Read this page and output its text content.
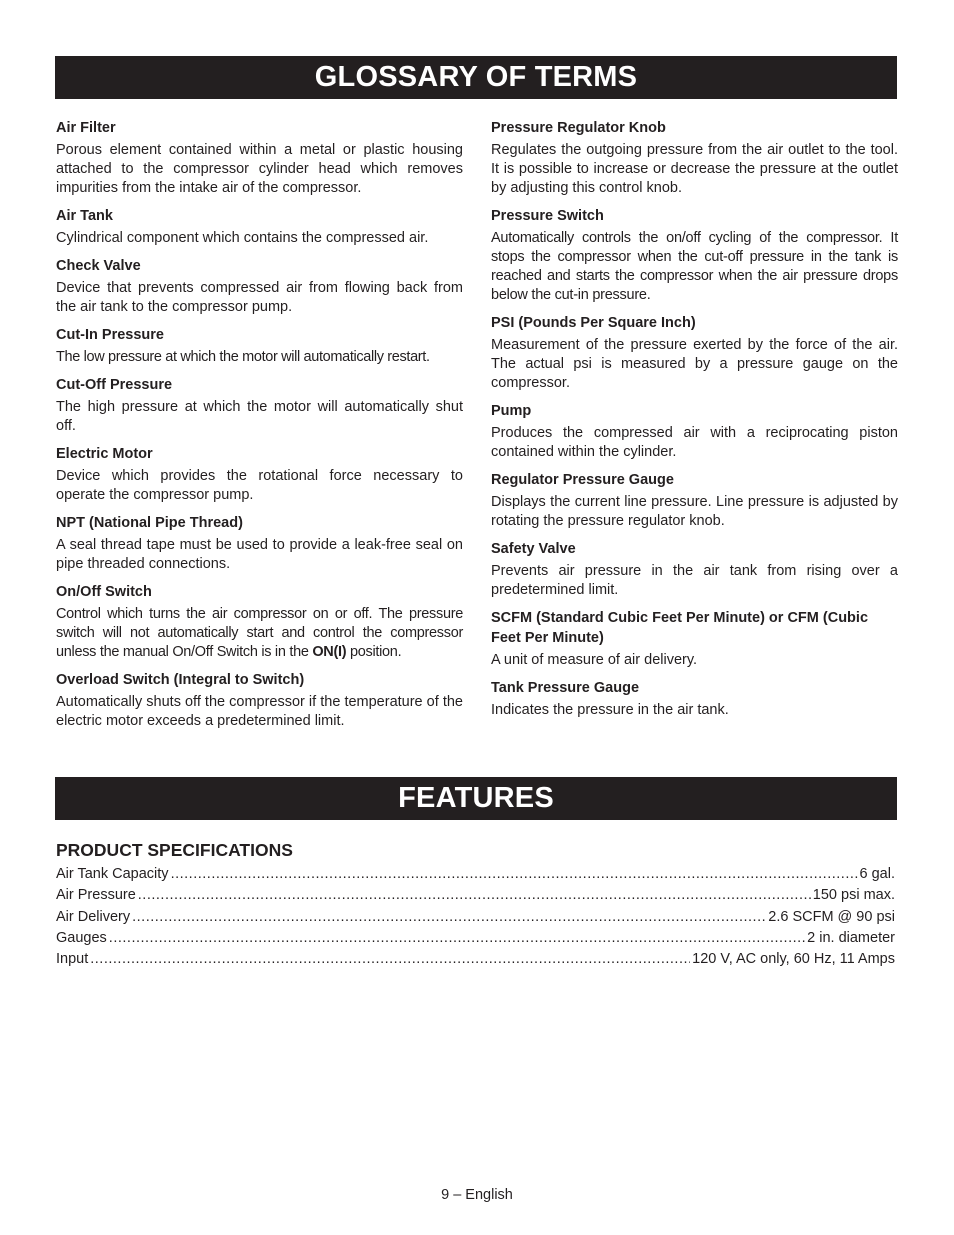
GLOSSARY OF TERMS
Air Filter
Porous element contained within a metal or plastic housing attached to the compressor cylinder head which removes impurities from the intake air of the compressor.
Air Tank
Cylindrical component which contains the compressed air.
Check Valve
Device that prevents compressed air from flowing back from the air tank to the compressor pump.
Cut-In Pressure
The low pressure at which the motor will automatically restart.
Cut-Off Pressure
The high pressure at which the motor will automatically shut off.
Electric Motor
Device which provides the rotational force necessary to operate the compressor pump.
NPT (National Pipe Thread)
A seal thread tape must be used to provide a leak-free seal on pipe threaded connections.
On/Off Switch
Control which turns the air compressor on or off. The pressure switch will not automatically start and control the compressor unless the manual On/Off Switch is in the ON(I) position.
Overload Switch (Integral to Switch)
Automatically shuts off the compressor if the temperature of the electric motor exceeds a predetermined limit.
Pressure Regulator Knob
Regulates the outgoing pressure from the air outlet to the tool. It is possible to increase or decrease the pressure at the outlet by adjusting this control knob.
Pressure Switch
Automatically controls the on/off cycling of the compressor. It stops the compressor when the cut-off pressure in the tank is reached and starts the compressor when the air pressure drops below the cut-in pressure.
PSI (Pounds Per Square Inch)
Measurement of the pressure exerted by the force of the air. The actual psi is measured by a pressure gauge on the compressor.
Pump
Produces the compressed air with a reciprocating piston contained within the cylinder.
Regulator Pressure Gauge
Displays the current line pressure. Line pressure is adjusted by rotating the pressure regulator knob.
Safety Valve
Prevents air pressure in the air tank from rising over a predetermined limit.
SCFM (Standard Cubic Feet Per Minute) or CFM (Cubic Feet Per Minute)
A unit of measure of air delivery.
Tank Pressure Gauge
Indicates the pressure in the air tank.
FEATURES
PRODUCT SPECIFICATIONS
Air Tank Capacity .....	6 gal.
Air Pressure .....	150 psi max.
Air Delivery .....	2.6 SCFM @ 90 psi
Gauges .....	2 in. diameter
Input .....	120 V, AC only, 60 Hz, 11 Amps
9 – English
